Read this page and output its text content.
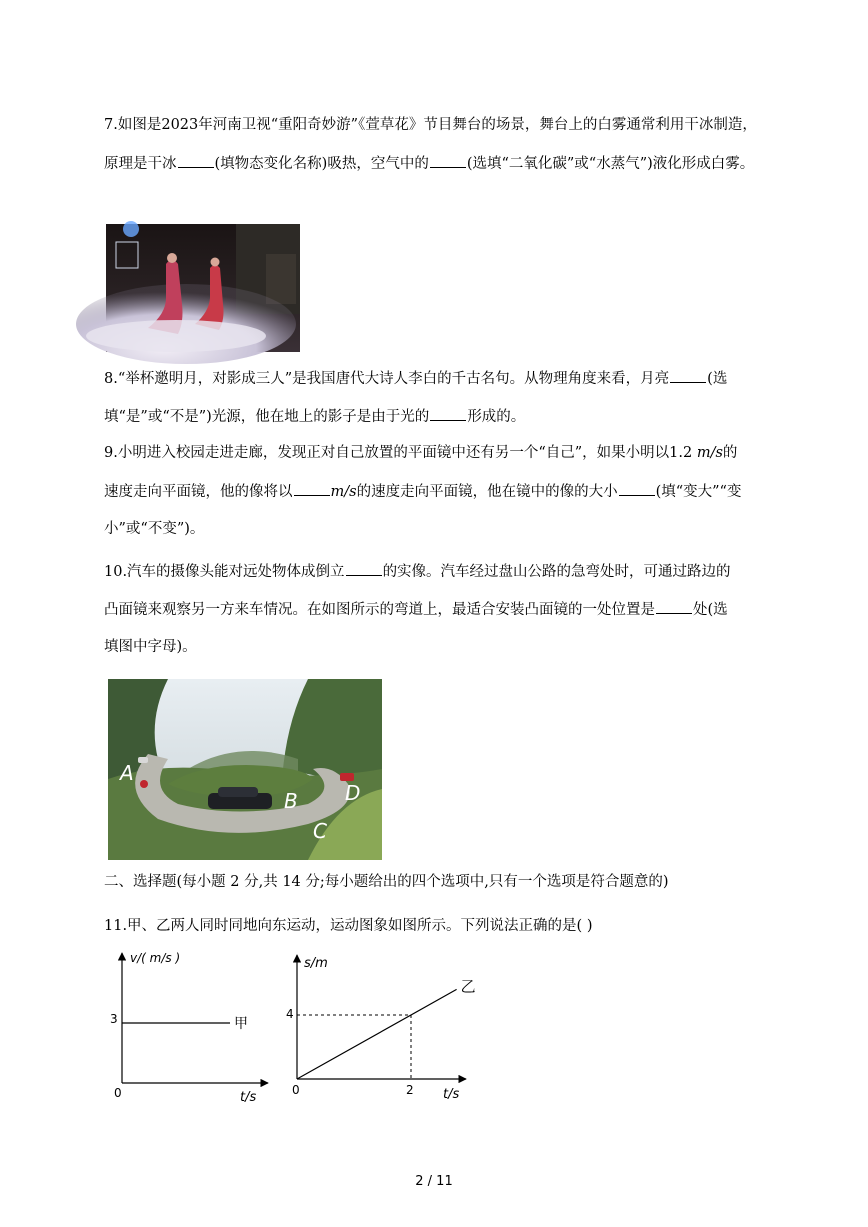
7.如图是2023年河南卫视“重阳奇妙游”《萱草花》节目舞台的场景，舞台上的白雾通常利用干冰制造，
原理是干冰	(填物态变化名称)吸热，空气中的	(选填“二氧化碳”或“水蒸气”)液化形成白雾。
8.“举杯邀明月，对影成三人”是我国唐代大诗人李白的千古名句。从物理角度来看，月亮	(选
填“是”或“不是”)光源，他在地上的影子是由于光的	形成的。
9.小明进入校园走进走廊，发现正对自己放置的平面镜中还有另一个“自己”，如果小明以1.2 m/s的
速度走向平面镜，他的像将以	m/s的速度走向平面镜，他在镜中的像的大小	(填“变大”“变
小”或“不变”)。
10.汽车的摄像头能对远处物体成倒立	的实像。汽车经过盘山公路的急弯处时，可通过路边的
凸面镜来观察另一方来车情况。在如图所示的弯道上，最适合安装凸面镜的一处位置是	处(选
填图中字母)。
A
B
C
D
二、选择题(每小题 2 分,共 14 分;每小题给出的四个选项中,只有一个选项是符合题意的)
11.甲、乙两人同时同地向东运动，运动图象如图所示。下列说法正确的是( )
v/( m/s )
t/s
0
3	甲
s/m
t/s
0
4
2
乙
2 / 11
